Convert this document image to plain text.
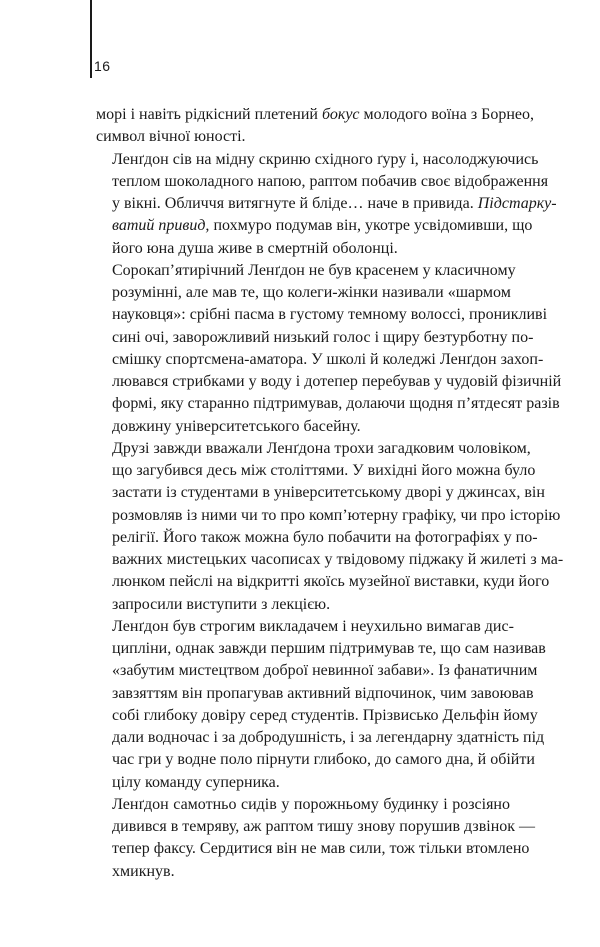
16

морі і навіть рідкісний плетений бокус молодого воїна з Борнео,
символ вічної юності.

Ленґдон сів на мідну скриню східного ґуру і, насолоджуючись
теплом шоколадного напою, раптом побачив своє відображення
у вікні. Обличчя витягнуте й бліде… наче в привида. Підстарку-
ватий привид, похмуро подумав він, укотре усвідомивши, що
його юна душа живе в смертній оболонці.

Сорокап’ятирічний Ленґдон не був красенем у класичному
розумінні, але мав те, що колеги-жінки називали «шармом
науковця»: срібні пасма в густому темному волоссі, проникливі
сині очі, заворожливий низький голос і щиру безтурботну по-
смішку спортсмена-аматора. У школі й коледжі Ленґдон захоп-
лювався стрибками у воду і дотепер перебував у чудовій фізичній
формі, яку старанно підтримував, долаючи щодня п’ятдесят разів
довжину університетського басейну.

Друзі завжди вважали Ленґдона трохи загадковим чоловіком,
що загубився десь між століттями. У вихідні його можна було
застати із студентами в університетському дворі у джинсах, він
розмовляв із ними чи то про комп’ютерну графіку, чи про історію
релігії. Його також можна було побачити на фотографіях у по-
важних мистецьких часописах у твідовому піджаку й жилеті з ма-
люнком пейслі на відкритті якоїсь музейної виставки, куди його
запросили виступити з лекцією.

Ленґдон був строгим викладачем і неухильно вимагав дис-
ципліни, однак завжди першим підтримував те, що сам називав
«забутим мистецтвом доброї невинної забави». Із фанатичним
завзяттям він пропагував активний відпочинок, чим завоював
собі глибоку довіру серед студентів. Прізвисько Дельфін йому
дали водночас і за добродушність, і за легендарну здатність під
час гри у водне поло пірнути глибоко, до самого дна, й обійти
цілу команду суперника.

Ленґдон самотньо сидів у порожньому будинку і розсіяно
дивився в темряву, аж раптом тишу знову порушив дзвінок —
тепер факсу. Сердитися він не мав сили, тож тільки втомлено
хмикнув.
